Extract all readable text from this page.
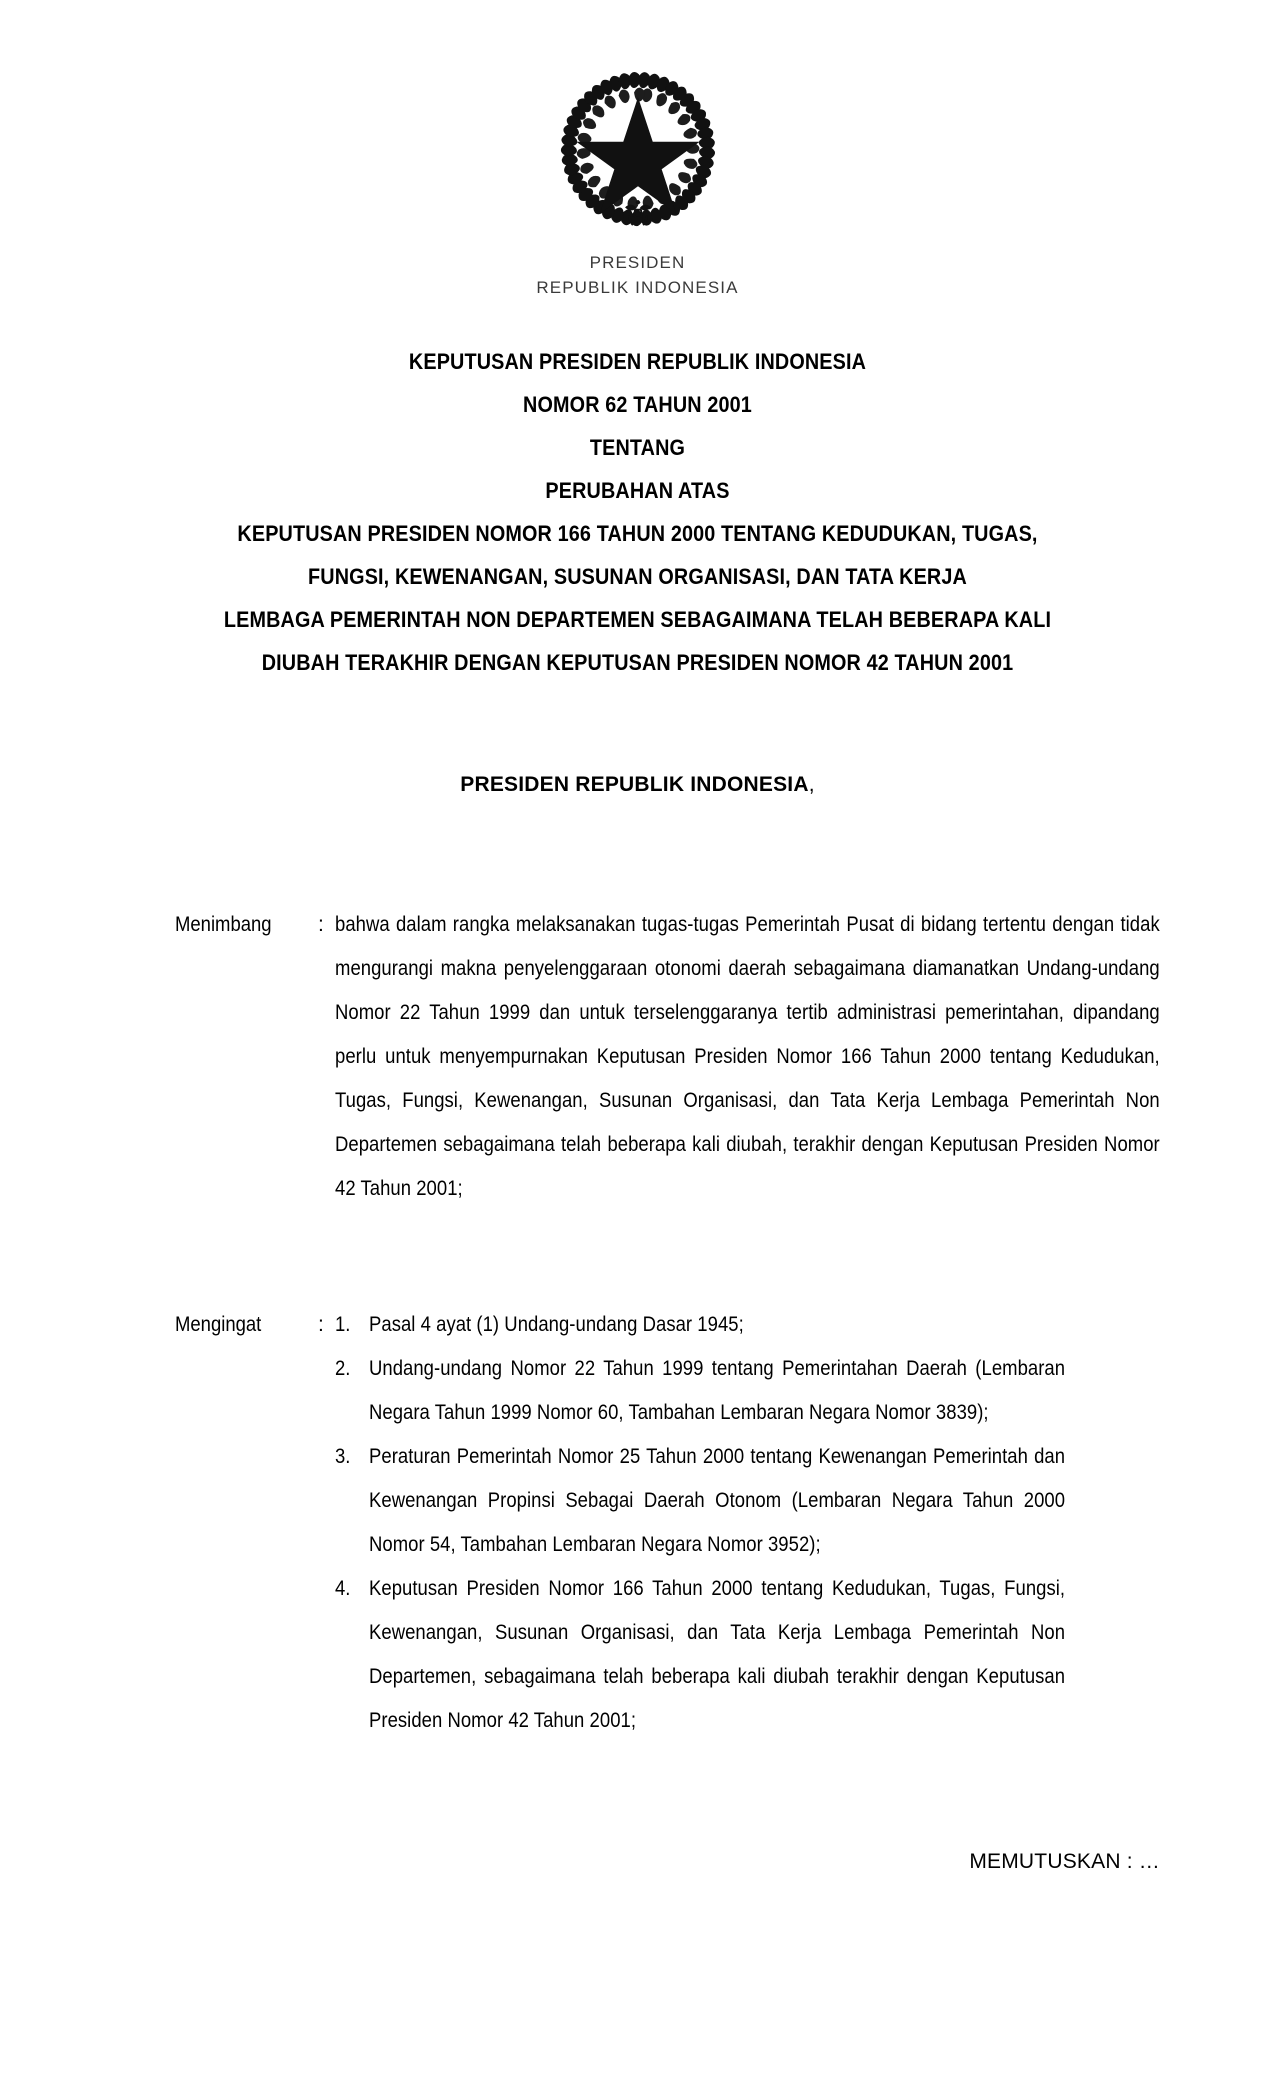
PRESIDEN
REPUBLIK INDONESIA
KEPUTUSAN PRESIDEN REPUBLIK INDONESIA
NOMOR 62 TAHUN 2001
TENTANG
PERUBAHAN ATAS
KEPUTUSAN PRESIDEN NOMOR 166 TAHUN 2000 TENTANG KEDUDUKAN, TUGAS,
FUNGSI, KEWENANGAN, SUSUNAN ORGANISASI, DAN TATA KERJA
LEMBAGA PEMERINTAH NON DEPARTEMEN SEBAGAIMANA TELAH BEBERAPA KALI
DIUBAH TERAKHIR DENGAN KEPUTUSAN PRESIDEN NOMOR 42 TAHUN 2001
PRESIDEN REPUBLIK INDONESIA,
Menimbang	: bahwa dalam rangka melaksanakan tugas-tugas Pemerintah Pusat di bidang tertentu dengan tidak mengurangi makna penyelenggaraan otonomi daerah sebagaimana diamanatkan Undang-undang Nomor 22 Tahun 1999 dan untuk terselenggaranya tertib administrasi pemerintahan, dipandang perlu untuk menyempurnakan Keputusan Presiden Nomor 166 Tahun 2000 tentang Kedudukan, Tugas, Fungsi, Kewenangan, Susunan Organisasi, dan Tata Kerja Lembaga Pemerintah Non Departemen sebagaimana telah beberapa kali diubah, terakhir dengan Keputusan Presiden Nomor 42 Tahun 2001;

Mengingat	: 1. Pasal 4 ayat (1) Undang-undang Dasar 1945;
2. Undang-undang Nomor 22 Tahun 1999 tentang Pemerintahan Daerah (Lembaran Negara Tahun 1999 Nomor 60, Tambahan Lembaran Negara Nomor 3839);
3. Peraturan Pemerintah Nomor 25 Tahun 2000 tentang Kewenangan Pemerintah dan Kewenangan Propinsi Sebagai Daerah Otonom (Lembaran Negara Tahun 2000 Nomor 54, Tambahan Lembaran Negara Nomor 3952);
4. Keputusan Presiden Nomor 166 Tahun 2000 tentang Kedudukan, Tugas, Fungsi, Kewenangan, Susunan Organisasi, dan Tata Kerja Lembaga Pemerintah Non Departemen, sebagaimana telah beberapa kali diubah terakhir dengan Keputusan Presiden Nomor 42 Tahun 2001;
MEMUTUSKAN : …
